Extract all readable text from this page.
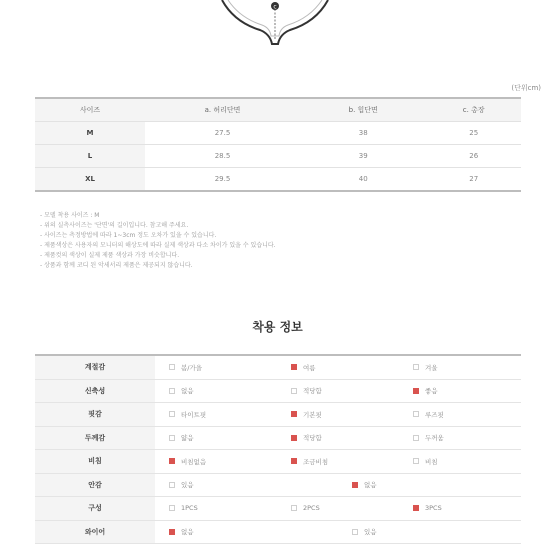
c
(단위cm)
사이즈	a. 허리단면	b. 힙단면	c. 총장
M	27.5	38	25
L	28.5	39	26
XL	29.5	40	27
- 모델 착용 사이즈 : M
- 위의 실측사이즈는 '단면'의 길이입니다. 참고해 주세요.
- 사이즈는 측정방법에 따라 1~3cm 정도 오차가 있을 수 있습니다.
- 제품색상은 사용자의 모니터의 해상도에 따라 실제 색상과 다소 차이가 있을 수 있습니다.
- 제품컷의 색상이 실제 제품 색상과 가장 비슷합니다.
- 상품과 함께 코디 된 악세서리 제품은 제공되지 않습니다.
착용 정보
계절감	봄/가을	여름	겨울
신축성	없음	적당함	좋음
핏감	타이트핏	기본핏	루즈핏
두께감	얇음	적당함	두꺼움
비침	비침없음	조금비침	비침
안감	있음	없음
구성	1PCS	2PCS	3PCS
와이어	없음	있음
